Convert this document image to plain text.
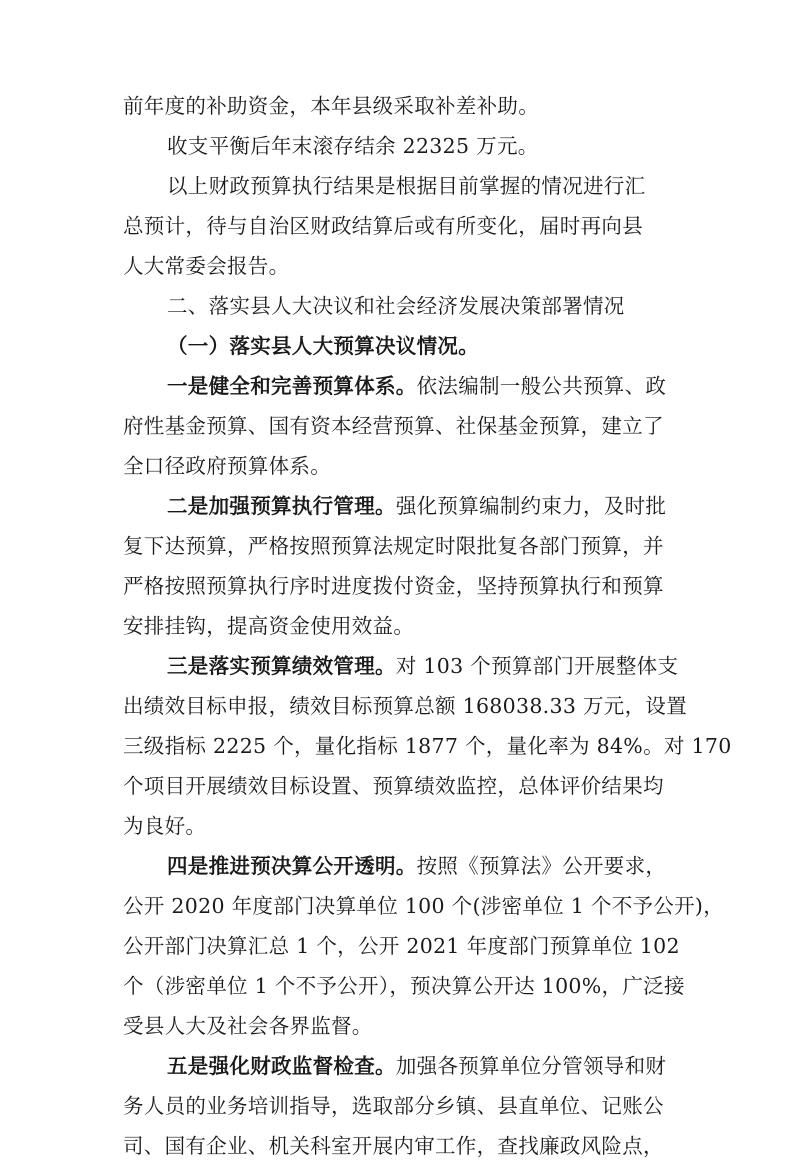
前年度的补助资金，本年县级采取补差补助。
收支平衡后年末滚存结余 22325 万元。
以上财政预算执行结果是根据目前掌握的情况进行汇
总预计，待与自治区财政结算后或有所变化，届时再向县
人大常委会报告。
二、落实县人大决议和社会经济发展决策部署情况
（一）落实县人大预算决议情况。
一是健全和完善预算体系。依法编制一般公共预算、政
府性基金预算、国有资本经营预算、社保基金预算，建立了
全口径政府预算体系。
二是加强预算执行管理。强化预算编制约束力，及时批
复下达预算，严格按照预算法规定时限批复各部门预算，并
严格按照预算执行序时进度拨付资金，坚持预算执行和预算
安排挂钩，提高资金使用效益。
三是落实预算绩效管理。对 103 个预算部门开展整体支
出绩效目标申报，绩效目标预算总额 168038.33 万元，设置
三级指标 2225 个，量化指标 1877 个，量化率为 84%。对 170
个项目开展绩效目标设置、预算绩效监控，总体评价结果均
为良好。
四是推进预决算公开透明。按照《预算法》公开要求，
公开 2020 年度部门决算单位 100 个(涉密单位 1 个不予公开)，
公开部门决算汇总 1 个，公开 2021 年度部门预算单位 102
个（涉密单位 1 个不予公开），预决算公开达 100%，广泛接
受县人大及社会各界监督。
五是强化财政监督检查。加强各预算单位分管领导和财
务人员的业务培训指导，选取部分乡镇、县直单位、记账公
司、国有企业、机关科室开展内审工作，查找廉政风险点，
